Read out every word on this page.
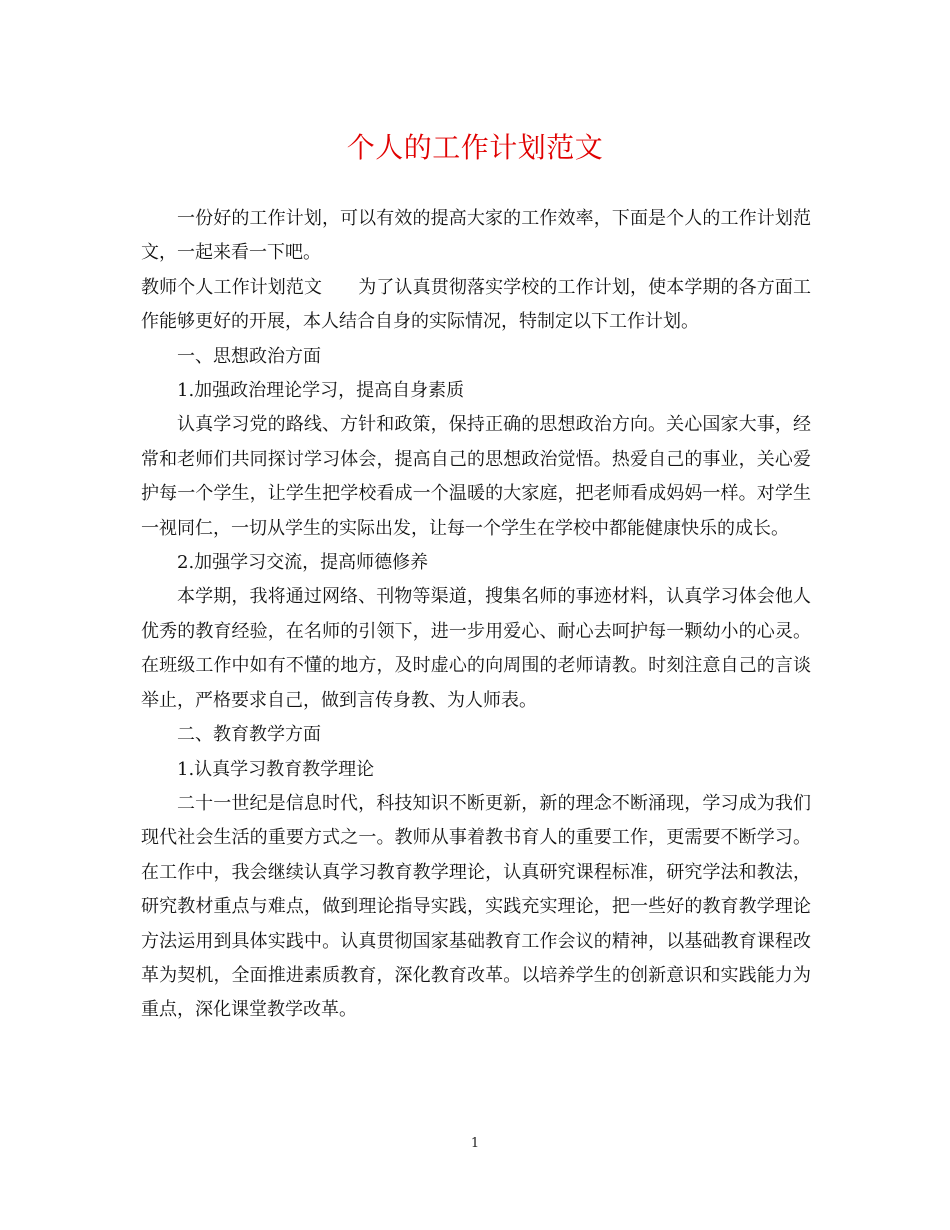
个人的工作计划范文

一份好的工作计划，可以有效的提高大家的工作效率，下面是个人的工作计划范文，一起来看一下吧。

教师个人工作计划范文 为了认真贯彻落实学校的工作计划，使本学期的各方面工作能够更好的开展，本人结合自身的实际情况，特制定以下工作计划。

一、思想政治方面

1.加强政治理论学习，提高自身素质

认真学习党的路线、方针和政策，保持正确的思想政治方向。关心国家大事，经常和老师们共同探讨学习体会，提高自己的思想政治觉悟。热爱自己的事业，关心爱护每一个学生，让学生把学校看成一个温暖的大家庭，把老师看成妈妈一样。对学生一视同仁，一切从学生的实际出发，让每一个学生在学校中都能健康快乐的成长。

2.加强学习交流，提高师德修养

本学期，我将通过网络、刊物等渠道，搜集名师的事迹材料，认真学习体会他人优秀的教育经验，在名师的引领下，进一步用爱心、耐心去呵护每一颗幼小的心灵。在班级工作中如有不懂的地方，及时虚心的向周围的老师请教。时刻注意自己的言谈举止，严格要求自己，做到言传身教、为人师表。

二、教育教学方面

1.认真学习教育教学理论

二十一世纪是信息时代，科技知识不断更新，新的理念不断涌现，学习成为我们现代社会生活的重要方式之一。教师从事着教书育人的重要工作，更需要不断学习。在工作中，我会继续认真学习教育教学理论，认真研究课程标准，研究学法和教法，研究教材重点与难点，做到理论指导实践，实践充实理论，把一些好的教育教学理论方法运用到具体实践中。认真贯彻国家基础教育工作会议的精神，以基础教育课程改革为契机，全面推进素质教育，深化教育改革。以培养学生的创新意识和实践能力为重点，深化课堂教学改革。

1
